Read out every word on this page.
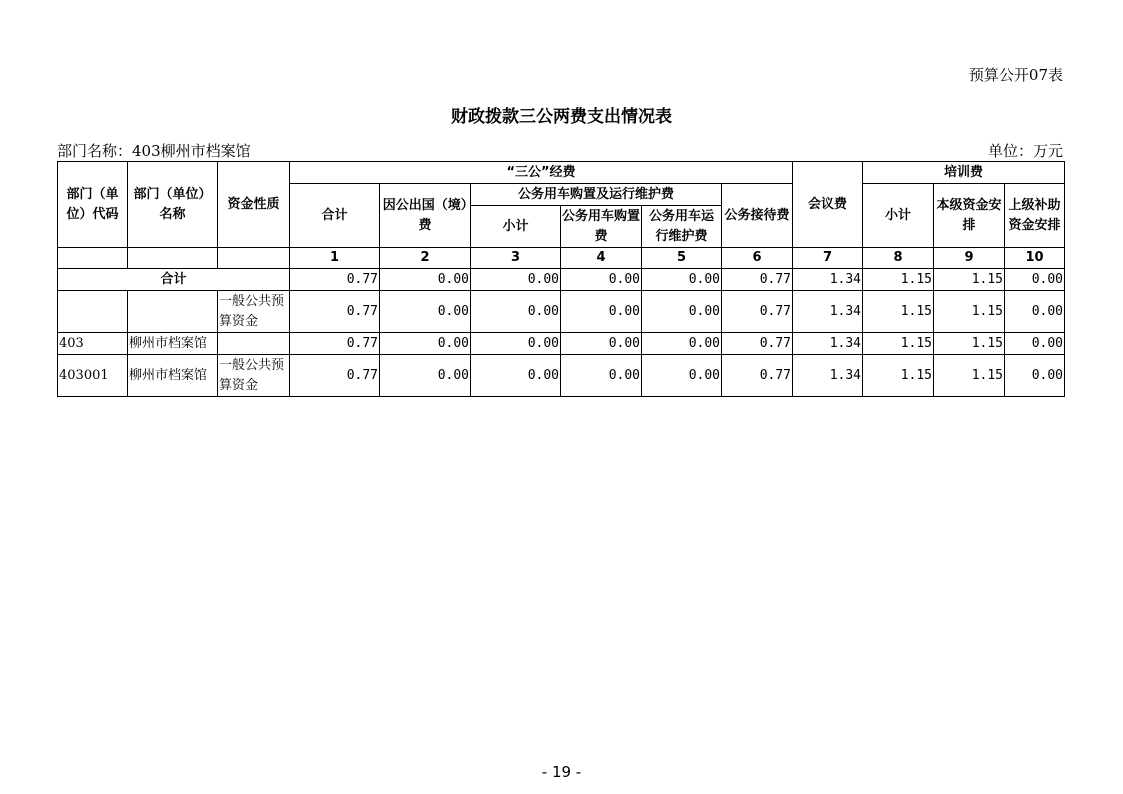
预算公开07表
财政拨款三公两费支出情况表
部门名称：403柳州市档案馆	单位：万元
部门（单位）代码	部门（单位）名称	资金性质	“三公”经费						会议费	培训费		
			合计	因公出国（境）费	公务用车购置及运行维护费			公务接待费		小计	本级资金安排	上级补助资金安排
					小计	公务用车购置费	公务用车运行维护费					
			1	2	3	4	5	6	7	8	9	10
合计			0.77	0.00	0.00	0.00	0.00	0.77	1.34	1.15	1.15	0.00
		一般公共预算资金	0.77	0.00	0.00	0.00	0.00	0.77	1.34	1.15	1.15	0.00
403	柳州市档案馆		0.77	0.00	0.00	0.00	0.00	0.77	1.34	1.15	1.15	0.00
403001	柳州市档案馆	一般公共预算资金	0.77	0.00	0.00	0.00	0.00	0.77	1.34	1.15	1.15	0.00
- 19 -
